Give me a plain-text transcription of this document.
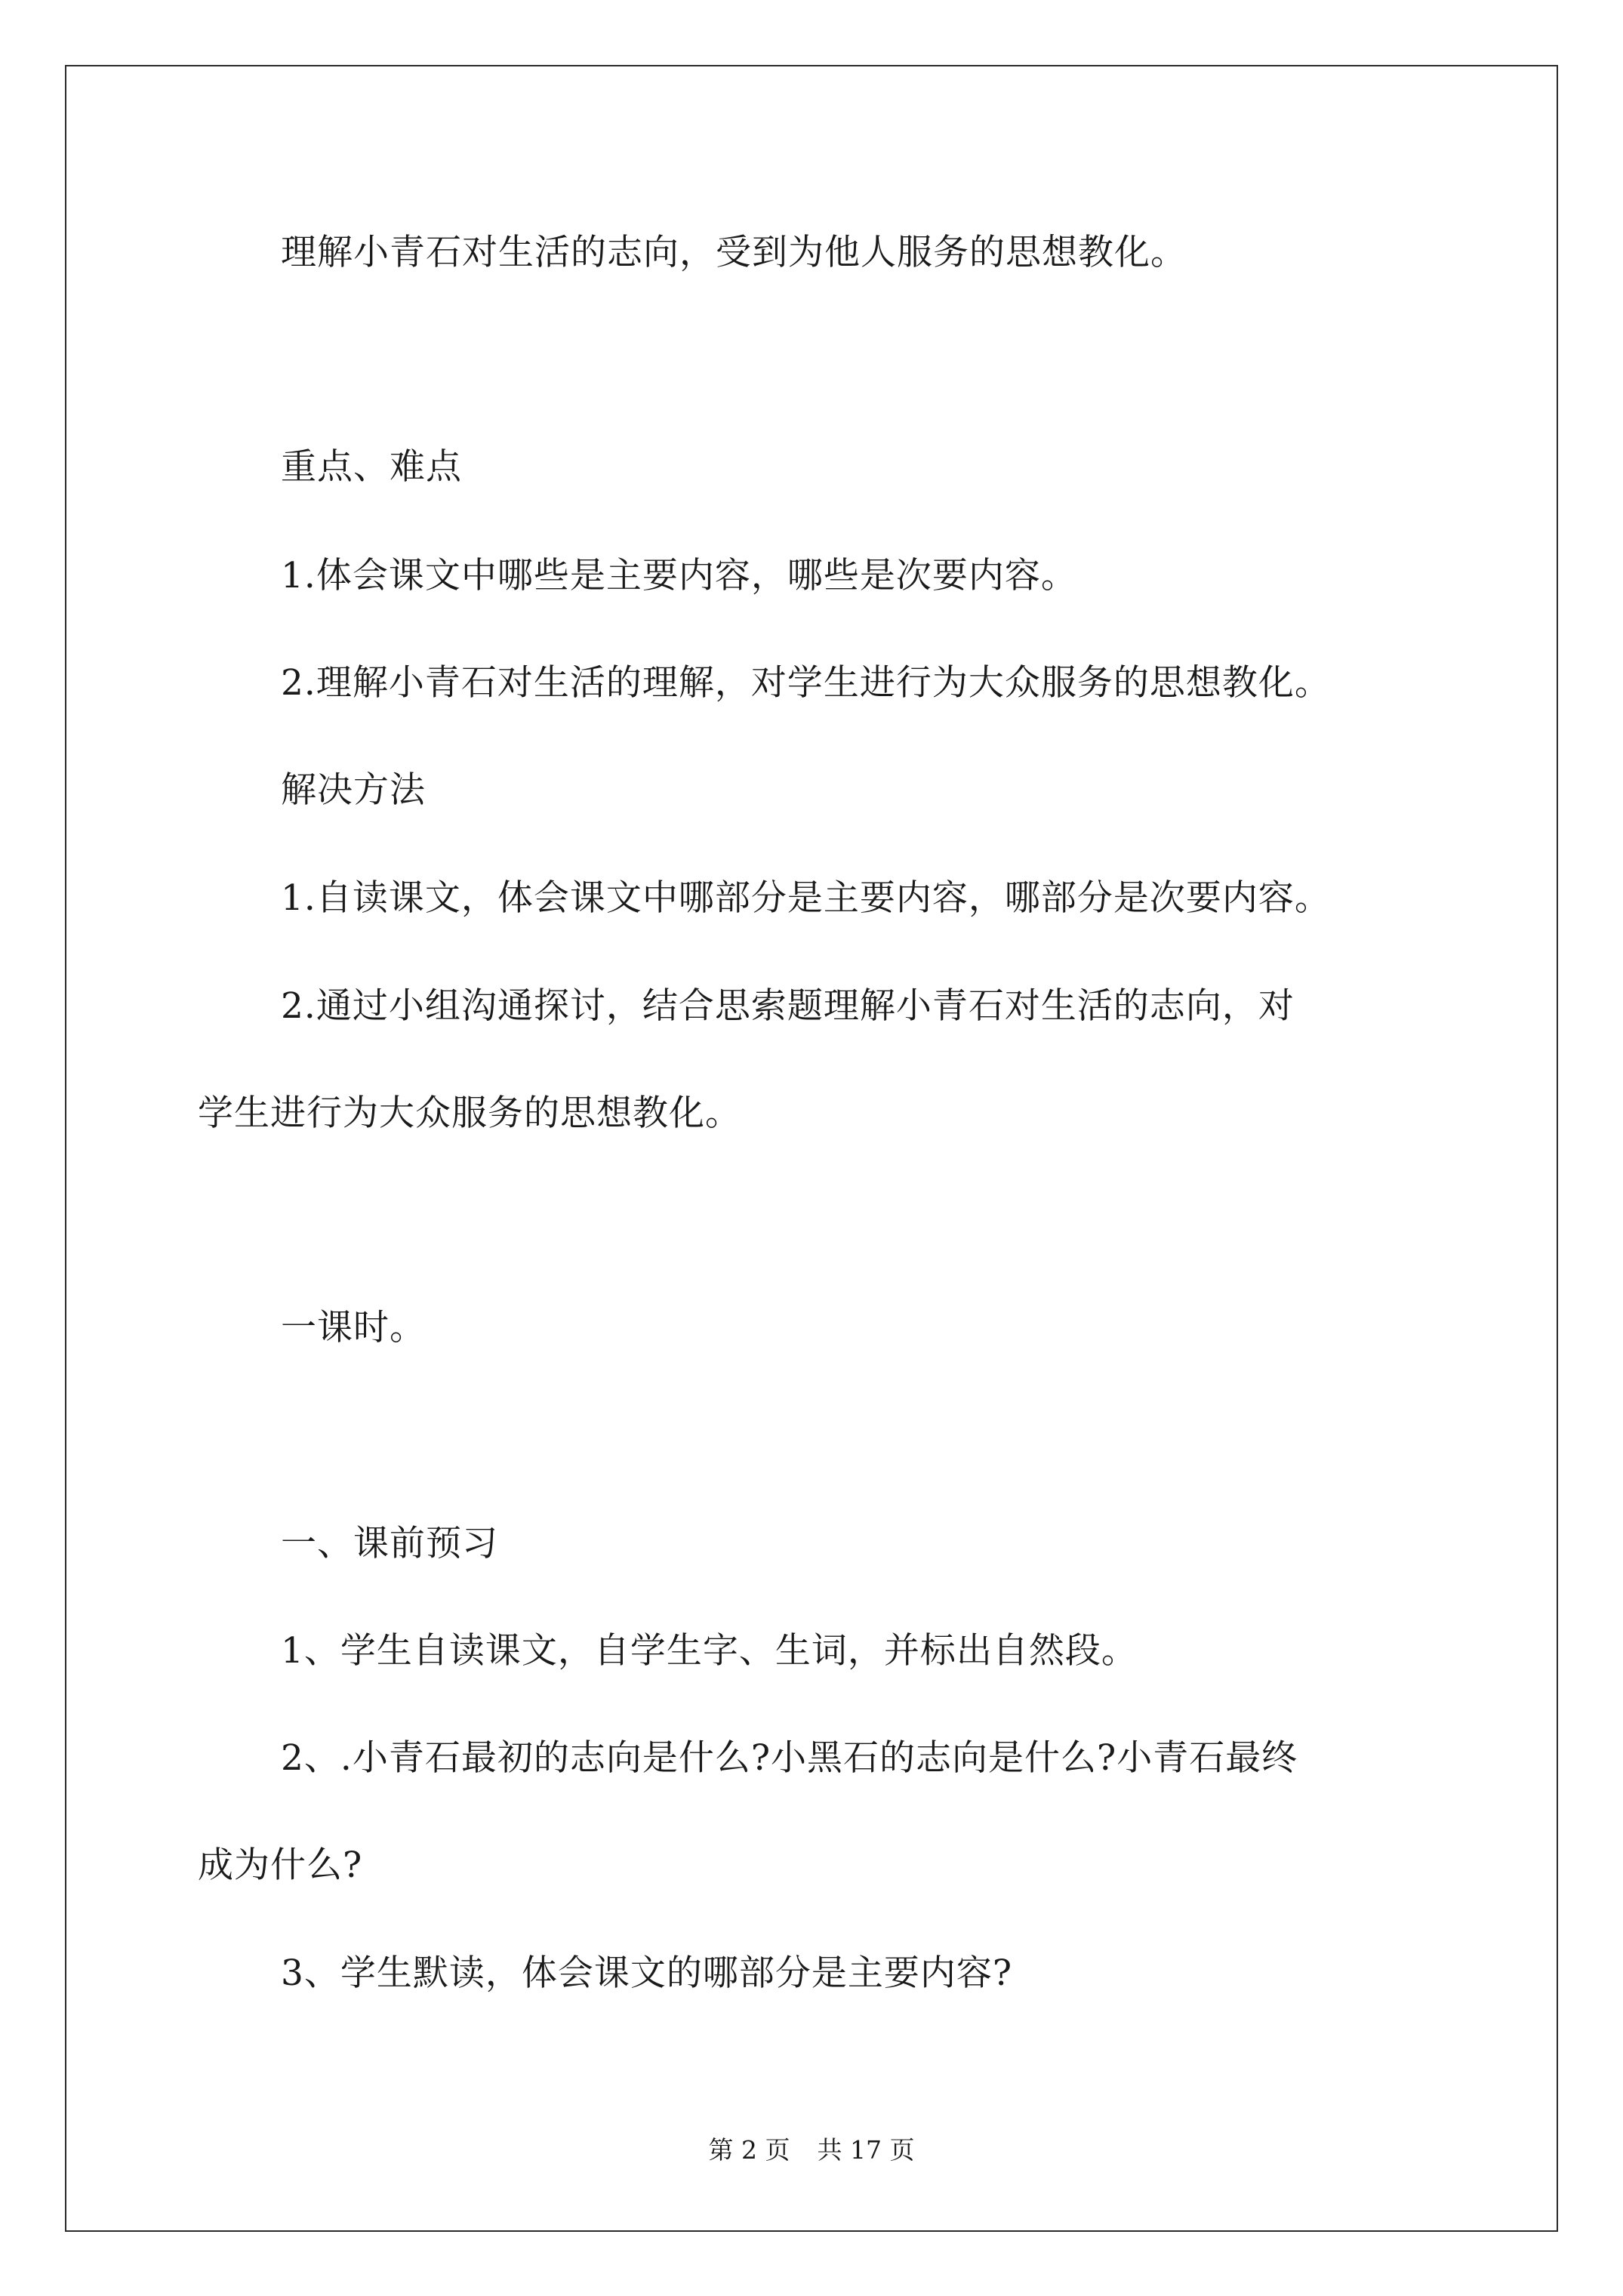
理解小青石对生活的志向，受到为他人服务的思想教化。
重点、难点
1.体会课文中哪些是主要内容，哪些是次要内容。
2.理解小青石对生活的理解，对学生进行为大众服务的思想教化。
解决方法
1.自读课文，体会课文中哪部分是主要内容，哪部分是次要内容。
2.通过小组沟通探讨，结合思索题理解小青石对生活的志向，对
学生进行为大众服务的思想教化。
一课时。
一、课前预习
1、学生自读课文，自学生字、生词，并标出自然段。
2、.小青石最初的志向是什么?小黑石的志向是什么?小青石最终
成为什么?
3、学生默读，体会课文的哪部分是主要内容?
第 2 页 共 17 页
